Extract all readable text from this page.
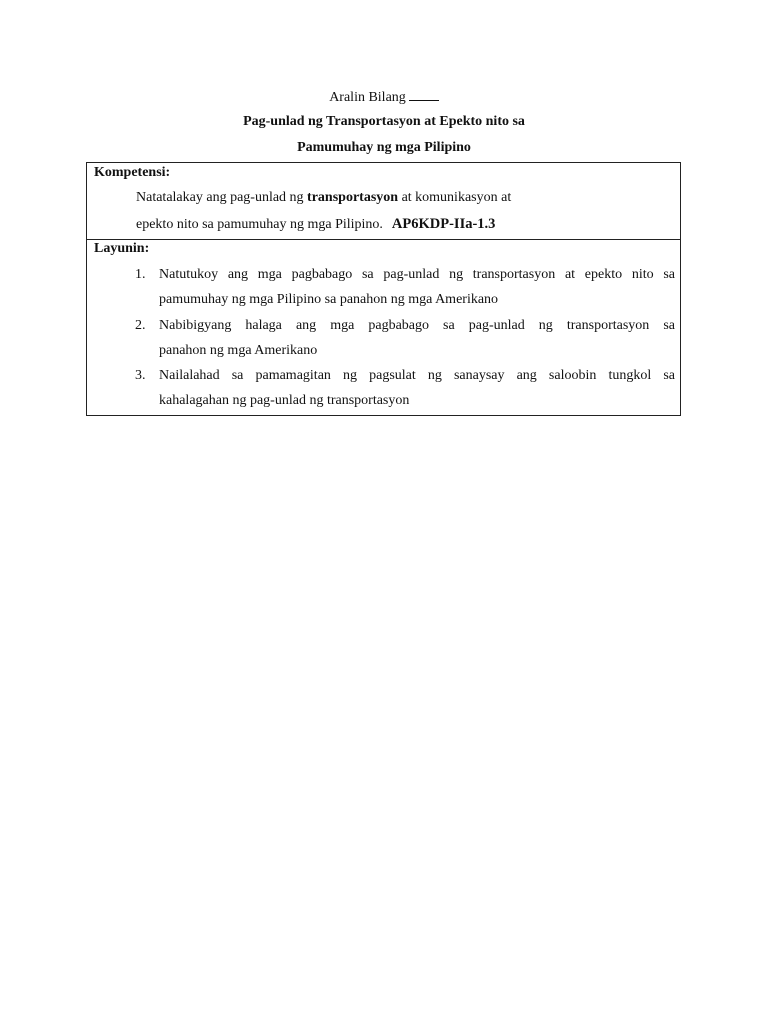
Aralin Bilang
Pag-unlad ng Transportasyon at Epekto nito sa
Pamumuhay ng mga Pilipino
Kompetensi:
Natatalakay ang pag-unlad ng transportasyon at komunikasyon at
epekto nito sa pamumuhay ng mga Pilipino. AP6KDP-IIa-1.3
Layunin:
1. Natutukoy ang mga pagbabago sa pag-unlad ng transportasyon at epekto nito sa
pamumuhay ng mga Pilipino sa panahon ng mga Amerikano
2. Nabibigyang halaga ang mga pagbabago sa pag-unlad ng transportasyon sa
panahon ng mga Amerikano
3. Nailalahad sa pamamagitan ng pagsulat ng sanaysay ang saloobin tungkol sa
kahalagahan ng pag-unlad ng transportasyon
